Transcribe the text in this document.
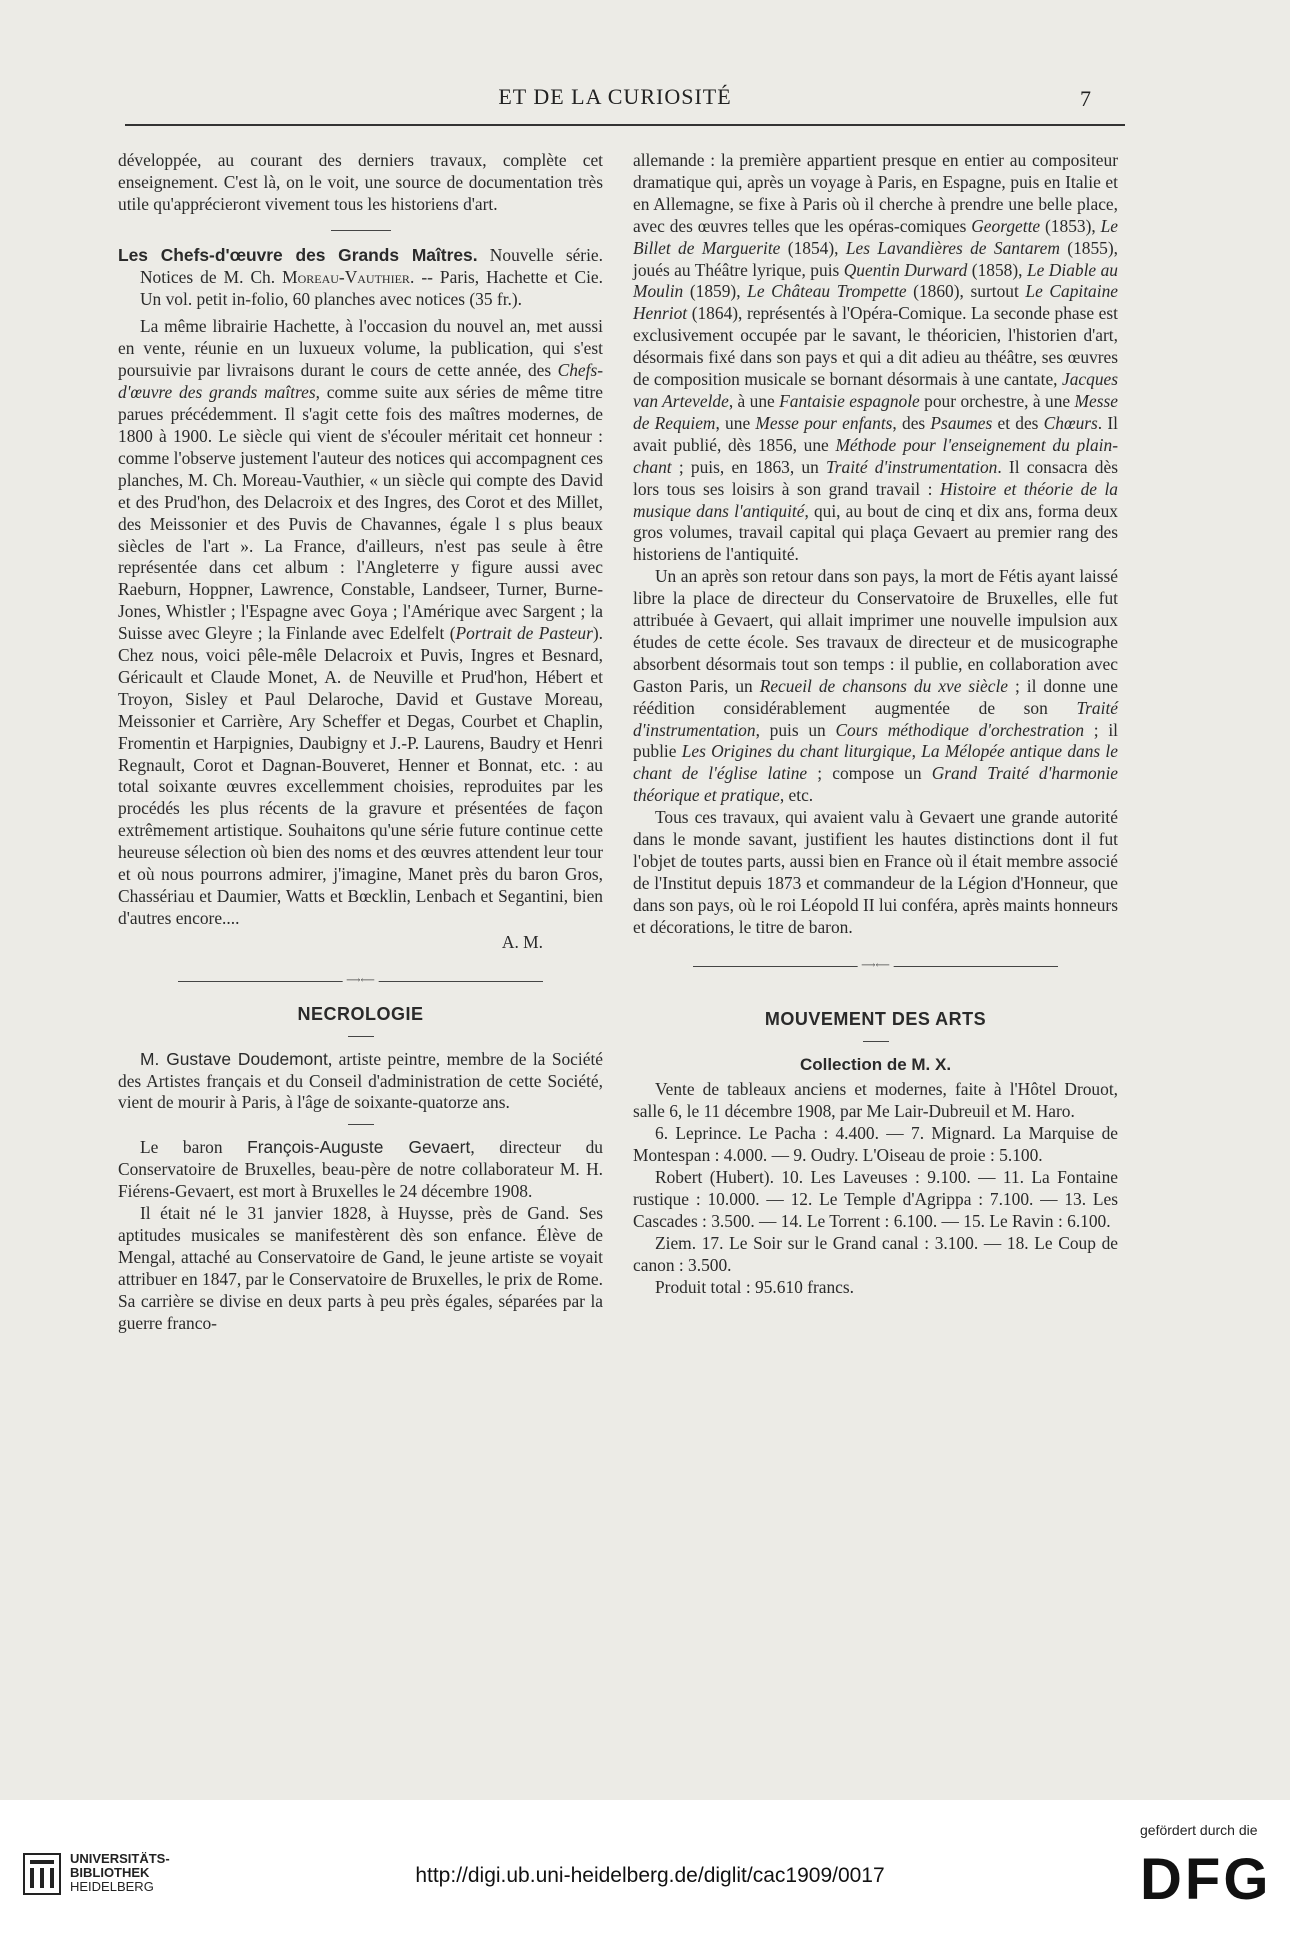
ET DE LA CURIOSITÉ	7

développée, au courant des derniers travaux, complète cet enseignement. C'est là, on le voit, une source de documentation très utile qu'apprécieront vivement tous les historiens d'art.

Les Chefs-d'œuvre des Grands Maîtres. Nouvelle série. Notices de M. Ch. Moreau-Vauthier. -- Paris, Hachette et Cie. Un vol. petit in-folio, 60 planches avec notices (35 fr.).

La même librairie Hachette, à l'occasion du nouvel an, met aussi en vente, réunie en un luxueux volume, la publication, qui s'est poursuivie par livraisons durant le cours de cette année, des Chefs-d'œuvre des grands maîtres, comme suite aux séries de même titre parues précédemment. Il s'agit cette fois des maîtres modernes, de 1800 à 1900. Le siècle qui vient de s'écouler méritait cet honneur : comme l'observe justement l'auteur des notices qui accompagnent ces planches, M. Ch. Moreau-Vauthier, « un siècle qui compte des David et des Prud'hon, des Delacroix et des Ingres, des Corot et des Millet, des Meissonier et des Puvis de Chavannes, égale l s plus beaux siècles de l'art ». La France, d'ailleurs, n'est pas seule à être représentée dans cet album : l'Angleterre y figure aussi avec Raeburn, Hoppner, Lawrence, Constable, Landseer, Turner, Burne-Jones, Whistler ; l'Espagne avec Goya ; l'Amérique avec Sargent ; la Suisse avec Gleyre ; la Finlande avec Edelfelt (Portrait de Pasteur). Chez nous, voici pêle-mêle Delacroix et Puvis, Ingres et Besnard, Géricault et Claude Monet, A. de Neuville et Prud'hon, Hébert et Troyon, Sisley et Paul Delaroche, David et Gustave Moreau, Meissonier et Carrière, Ary Scheffer et Degas, Courbet et Chaplin, Fromentin et Harpignies, Daubigny et J.-P. Laurens, Baudry et Henri Regnault, Corot et Dagnan-Bouveret, Henner et Bonnat, etc. : au total soixante œuvres excellemment choisies, reproduites par les procédés les plus récents de la gravure et présentées de façon extrêmement artistique. Souhaitons qu'une série future continue cette heureuse sélection où bien des noms et des œuvres attendent leur tour et où nous pourrons admirer, j'imagine, Manet près du baron Gros, Chassériau et Daumier, Watts et Bœcklin, Lenbach et Segantini, bien d'autres encore....

A. M.

⟶⟵
NECROLOGIE

M. Gustave Doudemont, artiste peintre, membre de la Société des Artistes français et du Conseil d'administration de cette Société, vient de mourir à Paris, à l'âge de soixante-quatorze ans.

Le baron François-Auguste Gevaert, directeur du Conservatoire de Bruxelles, beau-père de notre collaborateur M. H. Fiérens-Gevaert, est mort à Bruxelles le 24 décembre 1908.

Il était né le 31 janvier 1828, à Huysse, près de Gand. Ses aptitudes musicales se manifestèrent dès son enfance. Élève de Mengal, attaché au Conservatoire de Gand, le jeune artiste se voyait attribuer en 1847, par le Conservatoire de Bruxelles, le prix de Rome. Sa carrière se divise en deux parts à peu près égales, séparées par la guerre franco-

allemande : la première appartient presque en entier au compositeur dramatique qui, après un voyage à Paris, en Espagne, puis en Italie et en Allemagne, se fixe à Paris où il cherche à prendre une belle place, avec des œuvres telles que les opéras-comiques Georgette (1853), Le Billet de Marguerite (1854), Les Lavandières de Santarem (1855), joués au Théâtre lyrique, puis Quentin Durward (1858), Le Diable au Moulin (1859), Le Château Trompette (1860), surtout Le Capitaine Henriot (1864), représentés à l'Opéra-Comique. La seconde phase est exclusivement occupée par le savant, le théoricien, l'historien d'art, désormais fixé dans son pays et qui a dit adieu au théâtre, ses œuvres de composition musicale se bornant désormais à une cantate, Jacques van Artevelde, à une Fantaisie espagnole pour orchestre, à une Messe de Requiem, une Messe pour enfants, des Psaumes et des Chœurs. Il avait publié, dès 1856, une Méthode pour l'enseignement du plain-chant ; puis, en 1863, un Traité d'instrumentation. Il consacra dès lors tous ses loisirs à son grand travail : Histoire et théorie de la musique dans l'antiquité, qui, au bout de cinq et dix ans, forma deux gros volumes, travail capital qui plaça Gevaert au premier rang des historiens de l'antiquité.

Un an après son retour dans son pays, la mort de Fétis ayant laissé libre la place de directeur du Conservatoire de Bruxelles, elle fut attribuée à Gevaert, qui allait imprimer une nouvelle impulsion aux études de cette école. Ses travaux de directeur et de musicographe absorbent désormais tout son temps : il publie, en collaboration avec Gaston Paris, un Recueil de chansons du xve siècle ; il donne une réédition considérablement augmentée de son Traité d'instrumentation, puis un Cours méthodique d'orchestration ; il publie Les Origines du chant liturgique, La Mélopée antique dans le chant de l'église latine ; compose un Grand Traité d'harmonie théorique et pratique, etc.

Tous ces travaux, qui avaient valu à Gevaert une grande autorité dans le monde savant, justifient les hautes distinctions dont il fut l'objet de toutes parts, aussi bien en France où il était membre associé de l'Institut depuis 1873 et commandeur de la Légion d'Honneur, que dans son pays, où le roi Léopold II lui conféra, après maints honneurs et décorations, le titre de baron.

⟶⟵
MOUVEMENT DES ARTS
Collection de M. X.

Vente de tableaux anciens et modernes, faite à l'Hôtel Drouot, salle 6, le 11 décembre 1908, par Me Lair-Dubreuil et M. Haro.

6. Leprince. Le Pacha : 4.400. — 7. Mignard. La Marquise de Montespan : 4.000. — 9. Oudry. L'Oiseau de proie : 5.100.

Robert (Hubert). 10. Les Laveuses : 9.100. — 11. La Fontaine rustique : 10.000. — 12. Le Temple d'Agrippa : 7.100. — 13. Les Cascades : 3.500. — 14. Le Torrent : 6.100. — 15. Le Ravin : 6.100.

Ziem. 17. Le Soir sur le Grand canal : 3.100. — 18. Le Coup de canon : 3.500.

Produit total : 95.610 francs.

UNIVERSITÄTS-
BIBLIOTHEK
HEIDELBERG	http://digi.ub.uni-heidelberg.de/diglit/cac1909/0017
gefördert durch die
DFG
